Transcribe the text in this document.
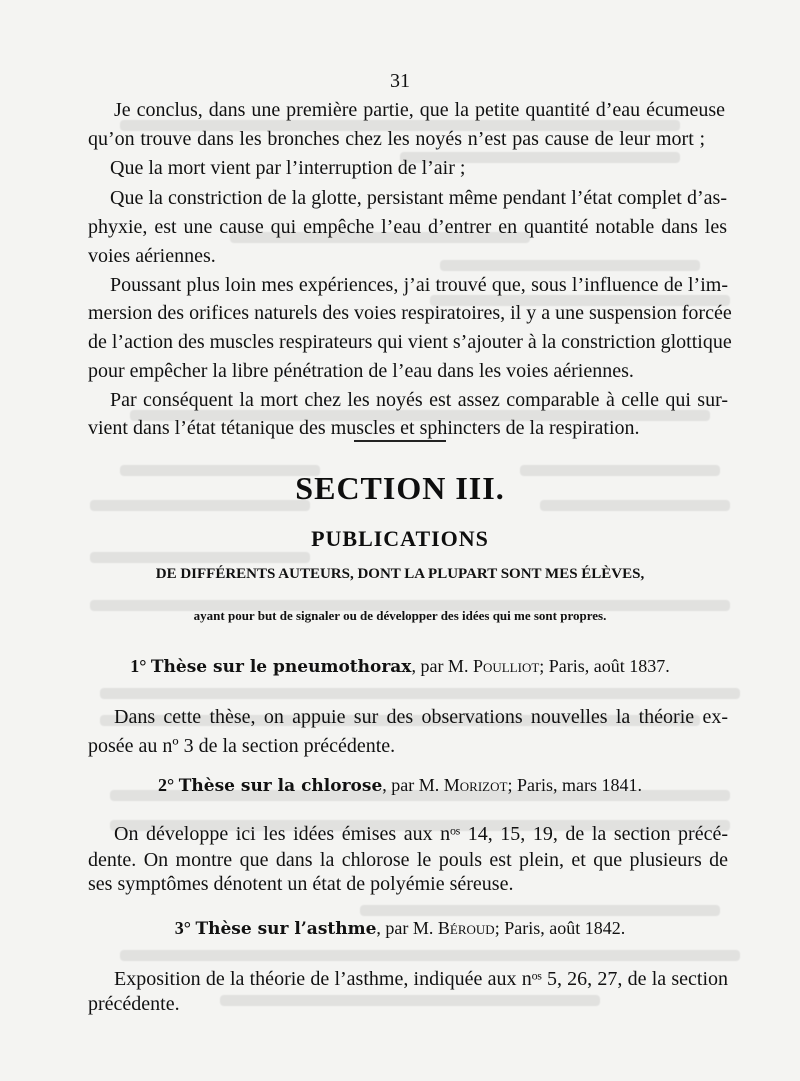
31
Je conclus, dans une première partie, que la petite quantité d’eau écumeuse
qu’on trouve dans les bronches chez les noyés n’est pas cause de leur mort ;
Que la mort vient par l’interruption de l’air ;
Que la constriction de la glotte, persistant même pendant l’état complet d’as-
phyxie, est une cause qui empêche l’eau d’entrer en quantité notable dans les
voies aériennes.
Poussant plus loin mes expériences, j’ai trouvé que, sous l’influence de l’im-
mersion des orifices naturels des voies respiratoires, il y a une suspension forcée
de l’action des muscles respirateurs qui vient s’ajouter à la constriction glottique
pour empêcher la libre pénétration de l’eau dans les voies aériennes.
Par conséquent la mort chez les noyés est assez comparable à celle qui sur-
vient dans l’état tétanique des muscles et sphincters de la respiration.
SECTION III.
PUBLICATIONS
DE DIFFÉRENTS AUTEURS, DONT LA PLUPART SONT MES ÉLÈVES,
ayant pour but de signaler ou de développer des idées qui me sont propres.
1° Thèse sur le pneumothorax, par M. Poulliot; Paris, août 1837.
Dans cette thèse, on appuie sur des observations nouvelles la théorie ex-
posée au nº 3 de la section précédente.
2° Thèse sur la chlorose, par M. Morizot; Paris, mars 1841.
On développe ici les idées émises aux nᵒˢ 14, 15, 19, de la section précé-
dente. On montre que dans la chlorose le pouls est plein, et que plusieurs de
ses symptômes dénotent un état de polyémie séreuse.
3° Thèse sur l’asthme, par M. Béroud; Paris, août 1842.
Exposition de la théorie de l’asthme, indiquée aux nᵒˢ 5, 26, 27, de la section
précédente.
